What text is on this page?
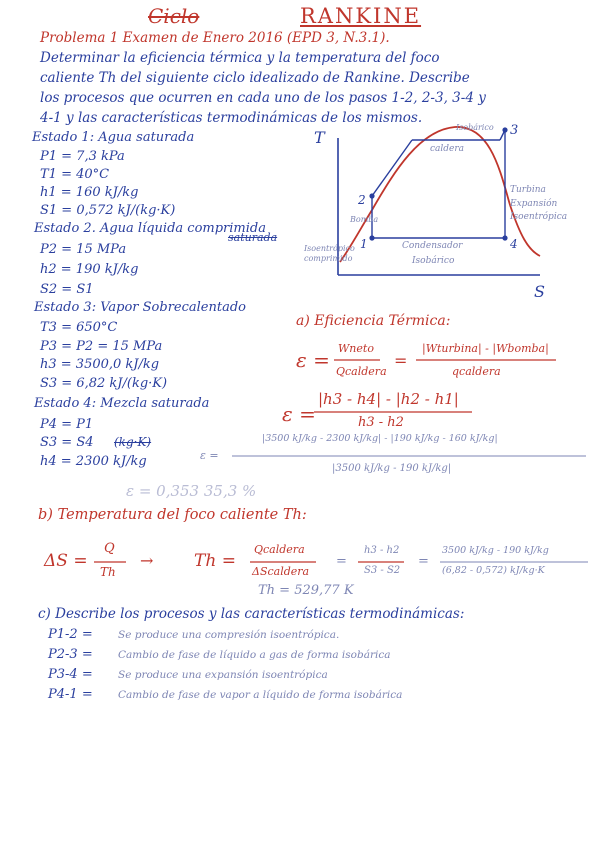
Ciclo	RANKINE
Problema 1 Examen de Enero 2016 (EPD 3, N.3.1).
Determinar la eficiencia térmica y la temperatura del foco
caliente Th del siguiente ciclo idealizado de Rankine. Describe
los procesos que ocurren en cada uno de los pasos 1-2, 2-3, 3-4 y
4-1 y las características termodinámicas de los mismos.
Estado 1: Agua saturada
P1 = 7,3 kPa
T1 = 40°C
h1 = 160 kJ/kg
S1 = 0,572 kJ/(kg·K)
Estado 2. Agua líquida comprimida
saturada
P2 = 15 MPa
h2 = 190 kJ/kg
S2 = S1
Estado 3: Vapor Sobrecalentado
T3 = 650°C
P3 = P2 = 15 MPa
h3 = 3500,0 kJ/kg
S3 = 6,82 kJ/(kg·K)
Estado 4: Mezcla saturada
P4 = P1
S3 = S4 (kg·K)
h4 = 2300 kJ/kg
T
S
1
2
3
4
Isobárico
caldera
Bomba
Isoentrópico comprimido
Condensador
Isobárico
Turbina
Expansión
Isoentrópica
a) Eficiencia Térmica:
ε = Wneto
Qcaldera
=
|Wturbina| - |Wbomba|
qcaldera
ε =
|h3 - h4| - |h2 - h1|
h3 - h2
|3500 kJ/kg - 2300 kJ/kg| - |190 kJ/kg - 160 kJ/kg|
ε =
|3500 kJ/kg - 190 kJ/kg|
ε = 0,353 35,3 %
b) Temperatura del foco caliente Th:
ΔS =
Q
Th
→ Th =
Qcaldera
ΔScaldera
=
h3 - h2
S3 - S2
=
3500 kJ/kg - 190 kJ/kg
(6,82 - 0,572) kJ/kg·K
Th = 529,77 K
c) Describe los procesos y las características termodinámicas:
P1-2 = Se produce una compresión isoentrópica.
P2-3 = Cambio de fase de líquido a gas de forma isobárica
P3-4 = Se produce una expansión isoentrópica
P4-1 = Cambio de fase de vapor a líquido de forma isobárica
